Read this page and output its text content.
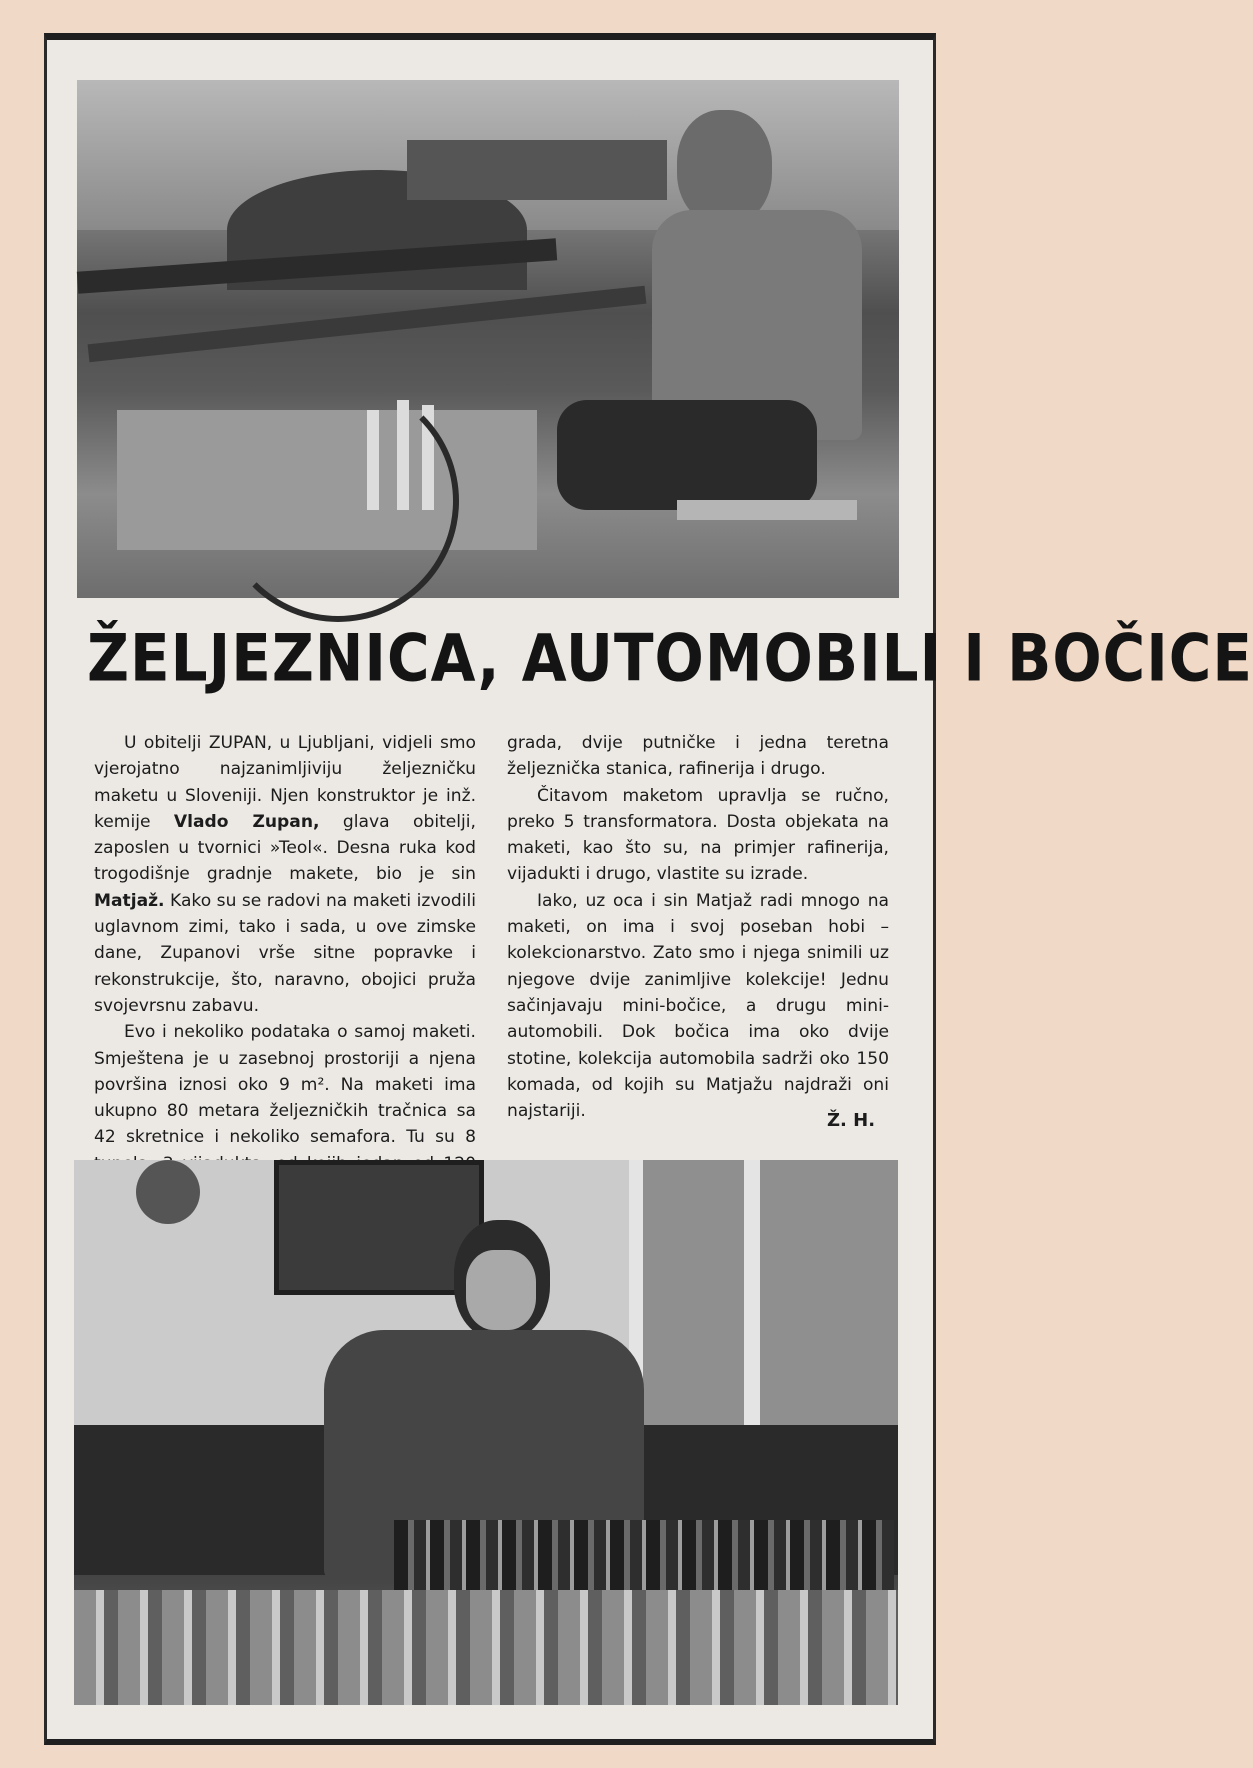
ŽELJEZNICA, AUTOMOBILI I BOČICE

U obitelji ZUPAN, u Ljubljani, vidjeli smo vjerojatno najzanimljiviju željezničku maketu u Sloveniji. Njen konstruktor je inž. kemije Vlado Zupan, glava obitelji, zaposlen u tvornici »Teol«. Desna ruka kod trogodišnje gradnje makete, bio je sin Matjaž. Kako su se radovi na maketi izvodili uglavnom zimi, tako i sada, u ove zimske dane, Zupanovi vrše sitne popravke i rekonstrukcije, što, naravno, obojici pruža svojevrsnu zabavu.

Evo i nekoliko podataka o samoj maketi. Smještena je u zasebnoj prostoriji a njena površina iznosi oko 9 m². Na maketi ima ukupno 80 metara željezničkih tračnica sa 42 skretnice i nekoliko semafora. Tu su 8

grada, dvije putničke i jedna teretna željeznička stanica, rafinerija i drugo.

Čitavom maketom upravlja se ručno, preko 5 transformatora. Dosta objekata na maketi, kao što su, na primjer rafinerija, vijadukti i drugo, vlastite su izrade.

Iako, uz oca i sin Matjaž radi mnogo na maketi, on ima i svoj poseban hobi – kolekcionarstvo. Zato smo i njega snimili uz njegove dvije zanimljive kolekcije! Jednu sačinjavaju mini-bočice, a drugu mini-automobili. Dok bočica ima oko dvije stotine, kolekcija automobila sadrži oko 150 komada, od kojih su Matjažu najdraži oni najstariji.	Ž. H.
